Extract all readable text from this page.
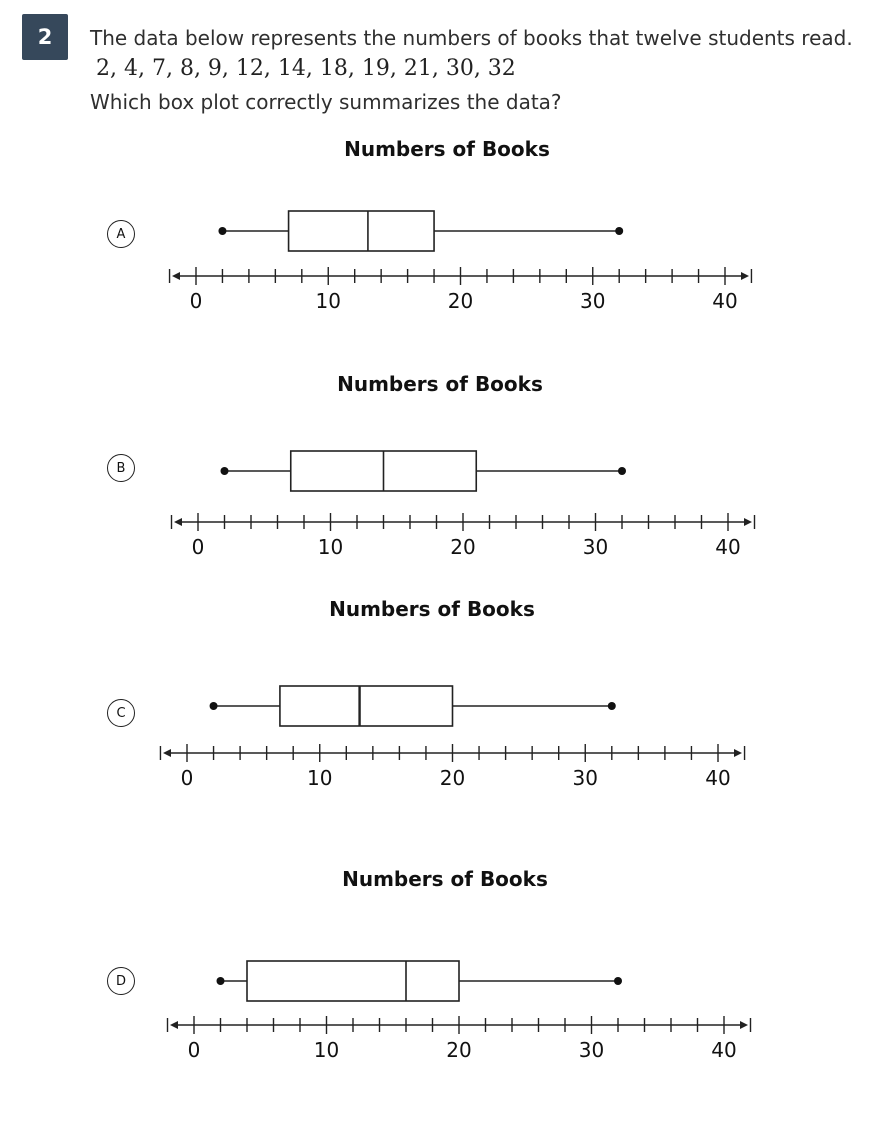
2	The data below represents the numbers of books that twelve students read.
2, 4, 7, 8, 9, 12, 14, 18, 19, 21, 30, 32
Which box plot correctly summarizes the data?
Numbers of Books
0	10	20	30	40
Numbers of Books
0	10	20	30	40
Numbers of Books
0	10	20	30	40
Numbers of Books
0	10	20	30	40
A
B
C
D
